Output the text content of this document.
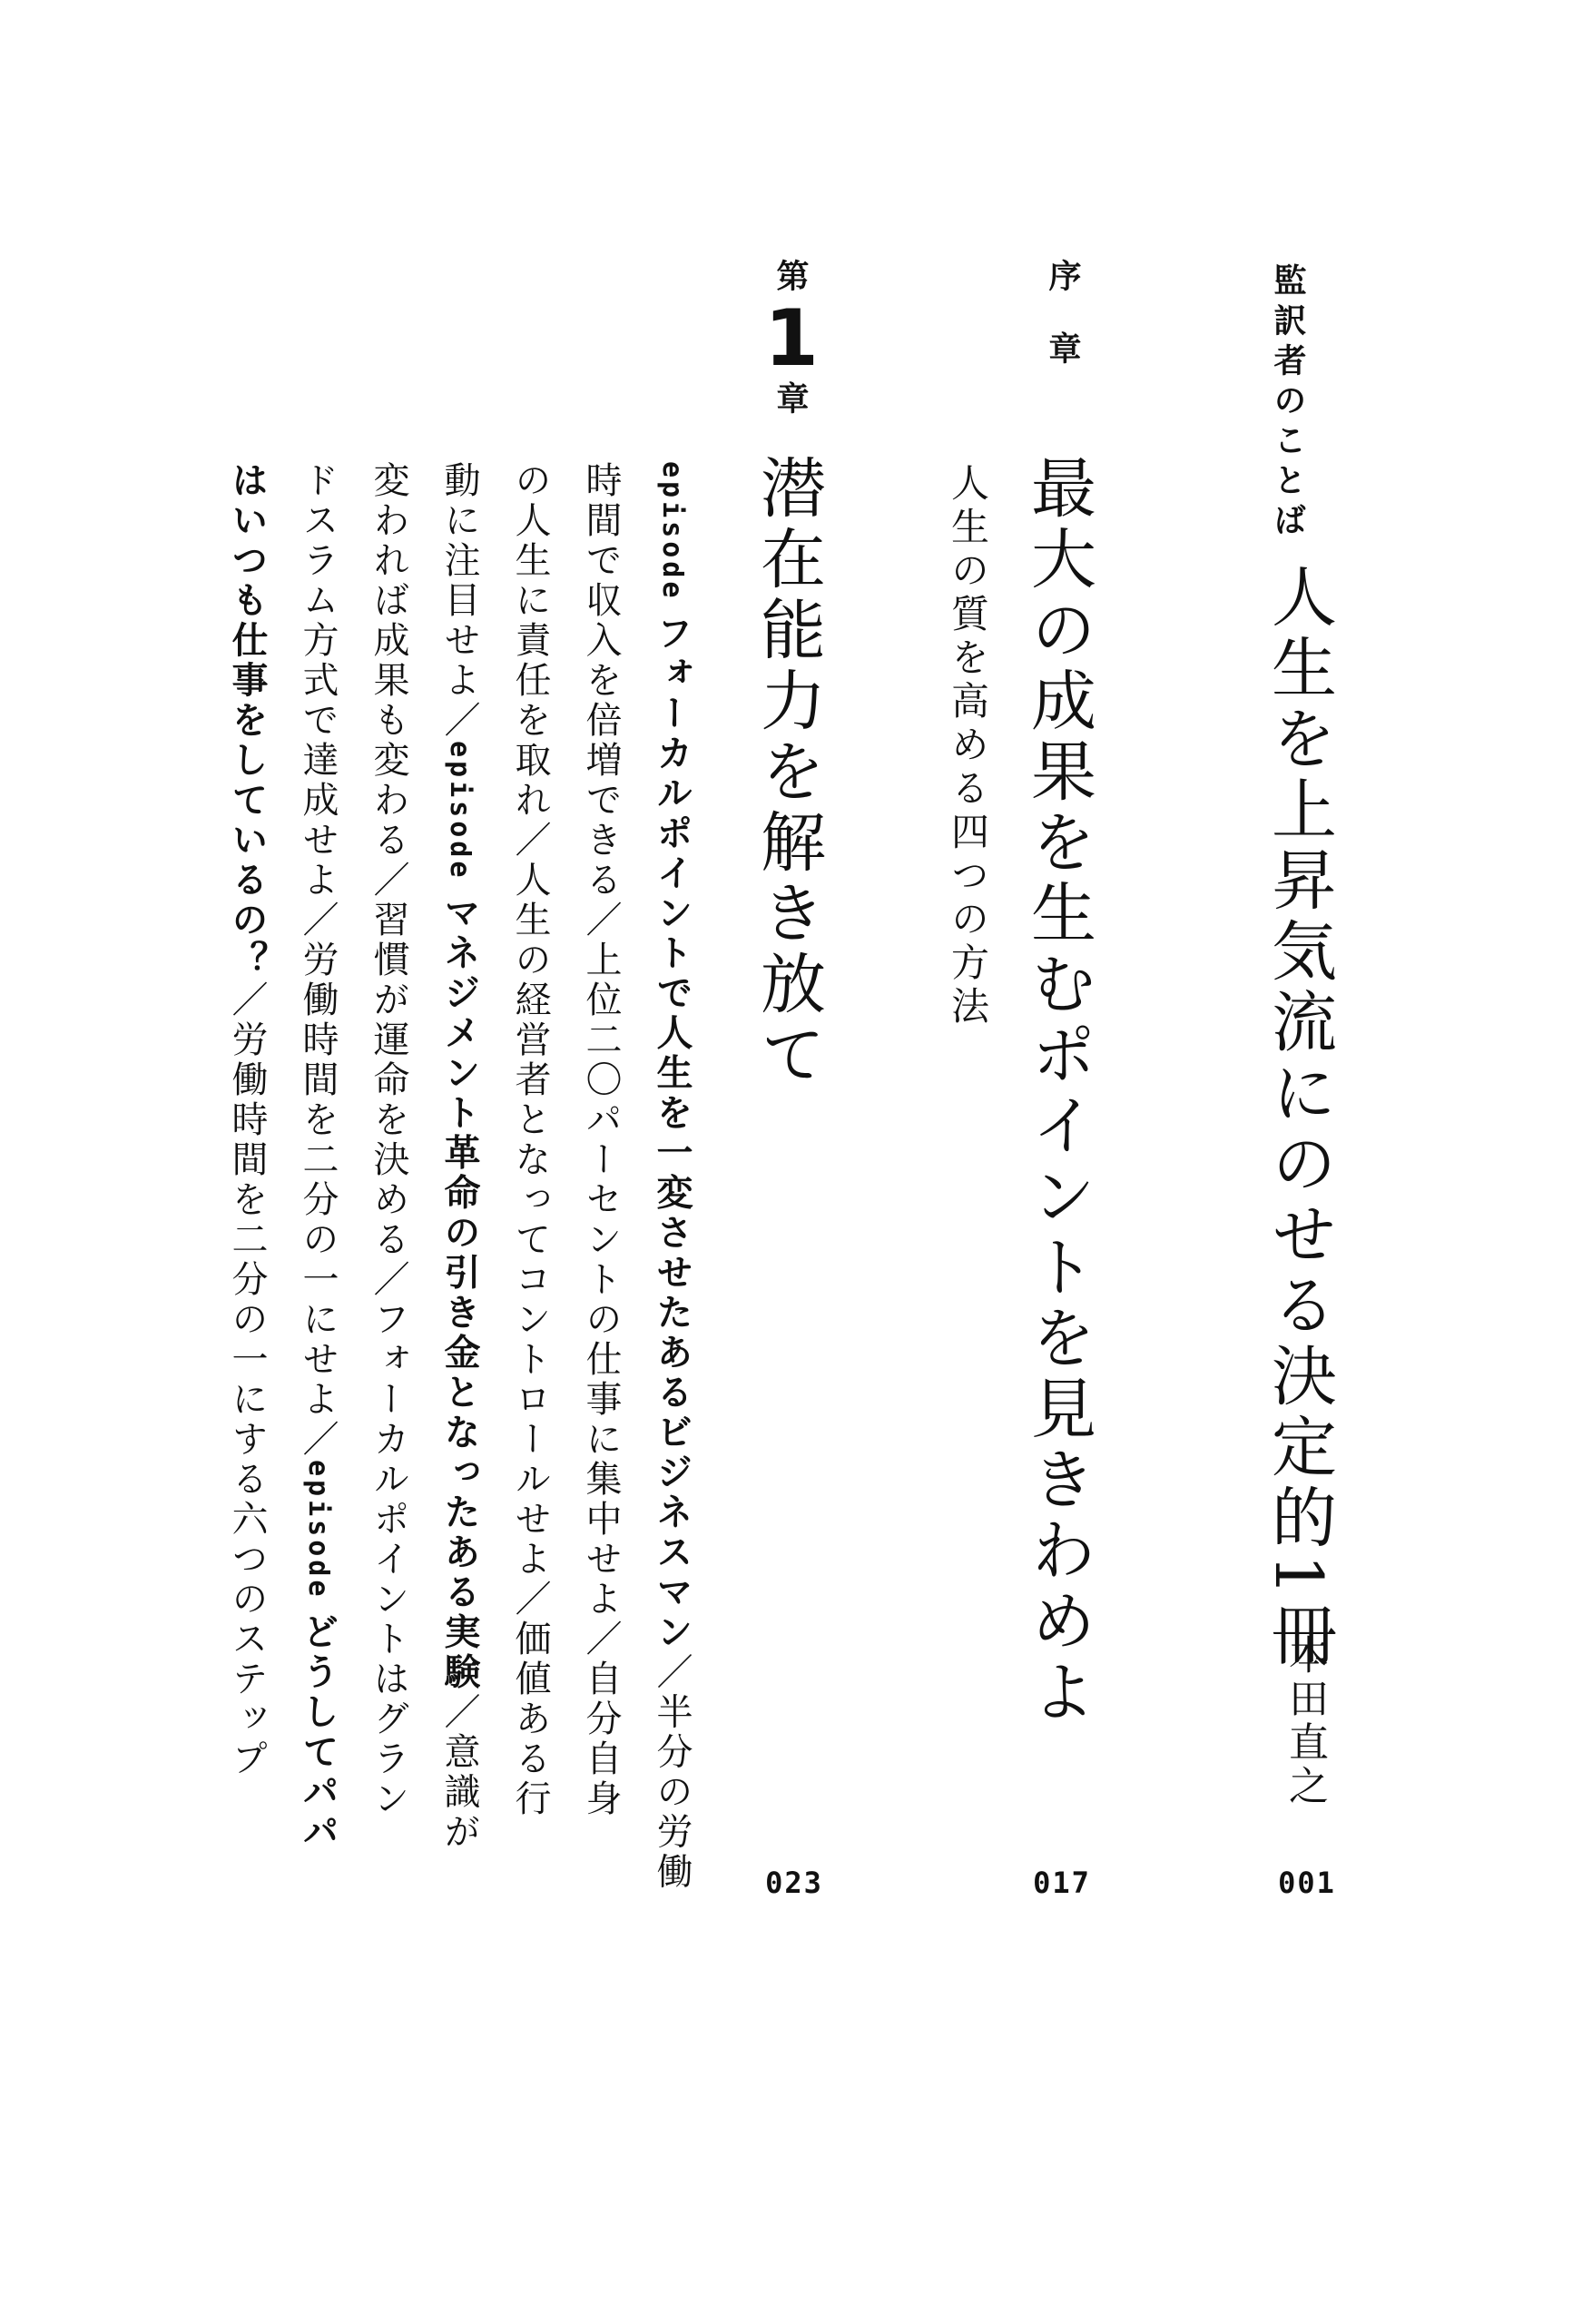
監訳者のことば
人生を上昇気流にのせる決定的1冊
本田直之
001
序
章
最大の成果を生むポイントを見きわめよ
人生の質を高める四つの方法
017
第
1
章
潜在能力を解き放て
023
episodeフォーカルポイントで人生を一変させたあるビジネスマン／半分の労働
時間で収入を倍増できる／上位二〇パーセントの仕事に集中せよ／自分自身
の人生に責任を取れ／人生の経営者となってコントロールせよ／価値ある行
動に注目せよ／episodeマネジメント革命の引き金となったある実験／意識が
変われば成果も変わる／習慣が運命を決める／フォーカルポイントはグラン
ドスラム方式で達成せよ／労働時間を二分の一にせよ／episodeどうしてパパ
はいつも仕事をしているの？／労働時間を二分の一にする六つのステップ
